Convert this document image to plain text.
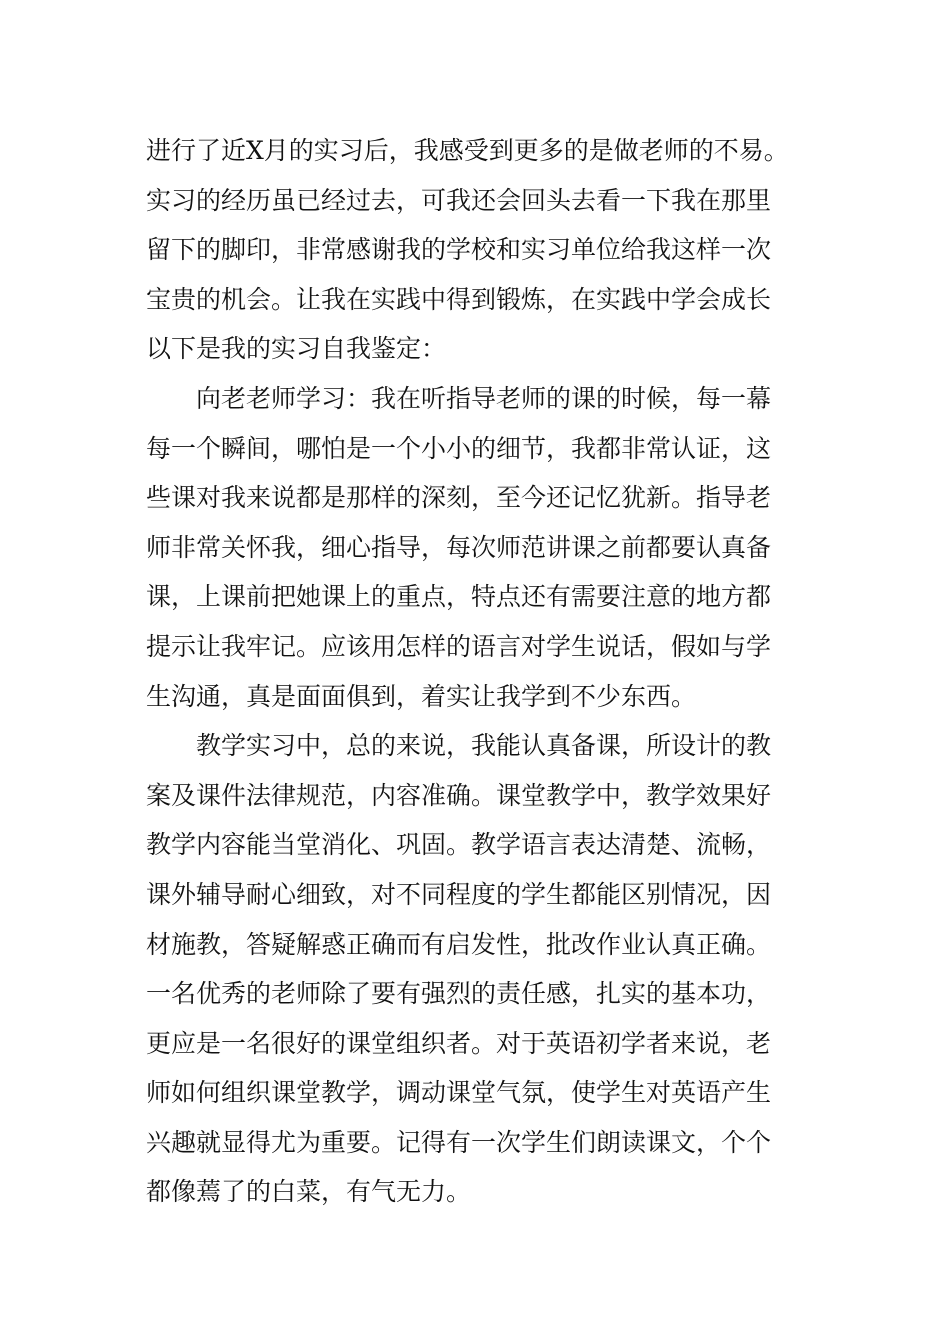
进行了近X月的实习后，我感受到更多的是做老师的不易。
实习的经历虽已经过去，可我还会回头去看一下我在那里
留下的脚印，非常感谢我的学校和实习单位给我这样一次
宝贵的机会。让我在实践中得到锻炼，在实践中学会成长
以下是我的实习自我鉴定：
向老老师学习：我在听指导老师的课的时候，每一幕
每一个瞬间，哪怕是一个小小的细节，我都非常认证，这
些课对我来说都是那样的深刻，至今还记忆犹新。指导老
师非常关怀我，细心指导，每次师范讲课之前都要认真备
课，上课前把她课上的重点，特点还有需要注意的地方都
提示让我牢记。应该用怎样的语言对学生说话，假如与学
生沟通，真是面面俱到，着实让我学到不少东西。
教学实习中，总的来说，我能认真备课，所设计的教
案及课件法律规范，内容准确。课堂教学中，教学效果好
教学内容能当堂消化、巩固。教学语言表达清楚、流畅，
课外辅导耐心细致，对不同程度的学生都能区别情况，因
材施教，答疑解惑正确而有启发性，批改作业认真正确。
一名优秀的老师除了要有强烈的责任感，扎实的基本功，
更应是一名很好的课堂组织者。对于英语初学者来说，老
师如何组织课堂教学，调动课堂气氛，使学生对英语产生
兴趣就显得尤为重要。记得有一次学生们朗读课文，个个
都像蔫了的白菜，有气无力。
